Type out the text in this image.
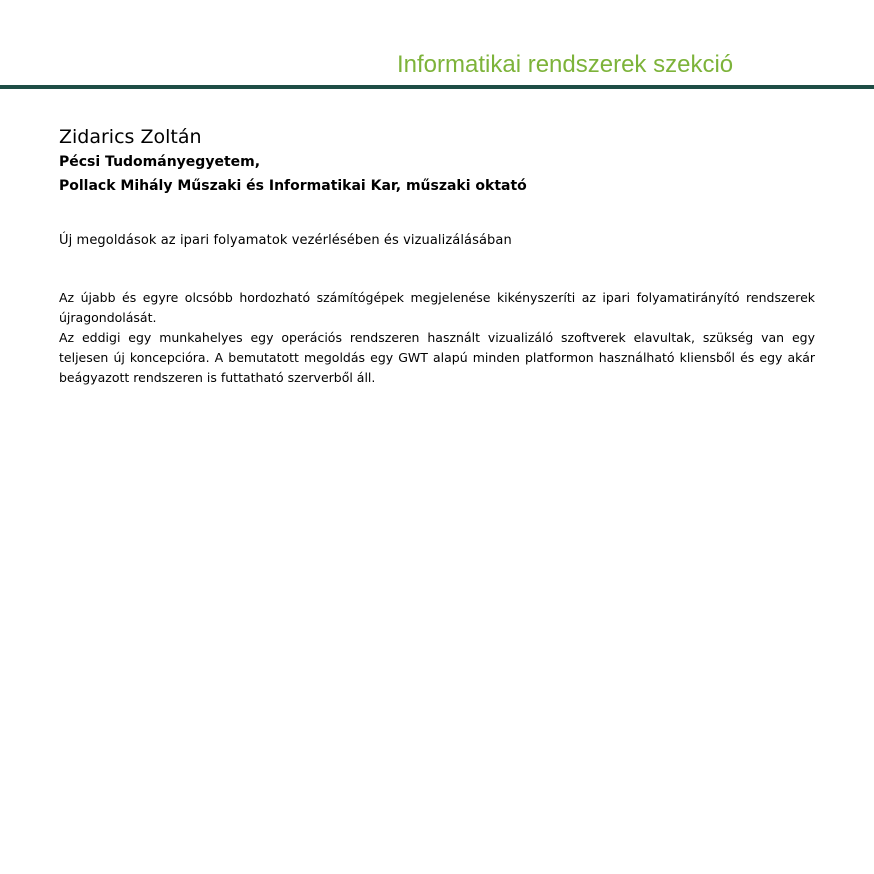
Informatikai rendszerek szekció
Zidarics Zoltán
Pécsi Tudományegyetem,
Pollack Mihály Műszaki és Informatikai Kar, műszaki oktató
Új megoldások az ipari folyamatok vezérlésében és vizualizálásában

Az újabb és egyre olcsóbb hordozható számítógépek megjelenése kikényszeríti az ipari folyamatirányító rendszerek újragondolását.

Az eddigi egy munkahelyes egy operációs rendszeren használt vizualizáló szoftverek elavultak, szükség van egy teljesen új koncepcióra. A bemutatott megoldás egy GWT alapú minden platformon használható kliensből és egy akár beágyazott rendszeren is futtatható szerverből áll.
